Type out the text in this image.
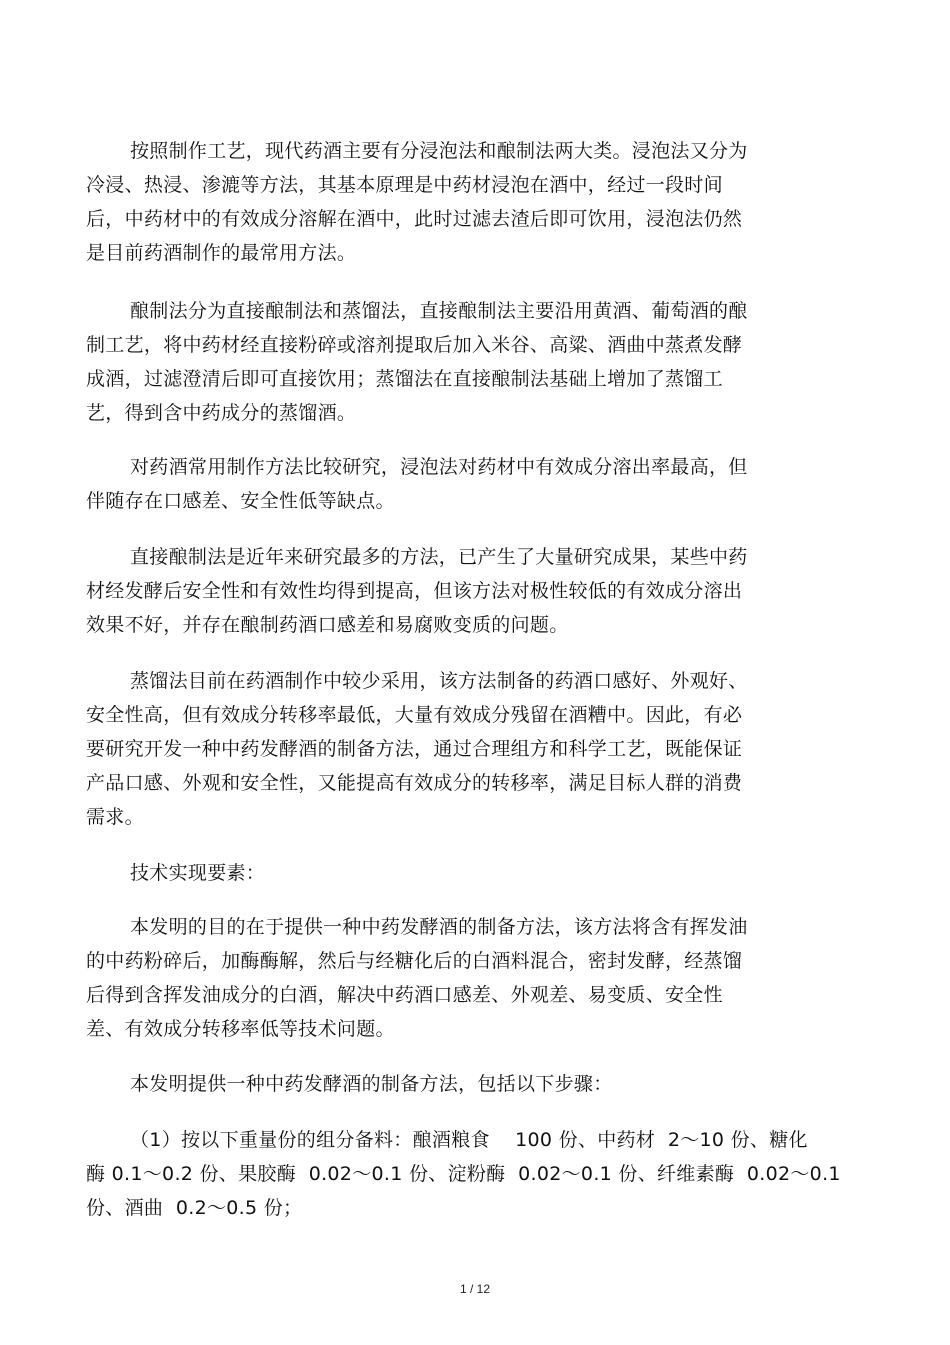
按照制作工艺，现代药酒主要有分浸泡法和酿制法两大类。浸泡法又分为
冷浸、热浸、渗漉等方法，其基本原理是中药材浸泡在酒中，经过一段时间
后，中药材中的有效成分溶解在酒中，此时过滤去渣后即可饮用，浸泡法仍然
是目前药酒制作的最常用方法。
酿制法分为直接酿制法和蒸馏法，直接酿制法主要沿用黄酒、葡萄酒的酿
制工艺，将中药材经直接粉碎或溶剂提取后加入米谷、高粱、酒曲中蒸煮发酵
成酒，过滤澄清后即可直接饮用；蒸馏法在直接酿制法基础上增加了蒸馏工
艺，得到含中药成分的蒸馏酒。
对药酒常用制作方法比较研究，浸泡法对药材中有效成分溶出率最高，但
伴随存在口感差、安全性低等缺点。
直接酿制法是近年来研究最多的方法，已产生了大量研究成果，某些中药
材经发酵后安全性和有效性均得到提高，但该方法对极性较低的有效成分溶出
效果不好，并存在酿制药酒口感差和易腐败变质的问题。
蒸馏法目前在药酒制作中较少采用，该方法制备的药酒口感好、外观好、
安全性高，但有效成分转移率最低，大量有效成分残留在酒糟中。因此，有必
要研究开发一种中药发酵酒的制备方法，通过合理组方和科学工艺，既能保证
产品口感、外观和安全性，又能提高有效成分的转移率，满足目标人群的消费
需求。
技术实现要素：
本发明的目的在于提供一种中药发酵酒的制备方法，该方法将含有挥发油
的中药粉碎后，加酶酶解，然后与经糖化后的白酒料混合，密封发酵，经蒸馏
后得到含挥发油成分的白酒，解决中药酒口感差、外观差、易变质、安全性
差、有效成分转移率低等技术问题。
本发明提供一种中药发酵酒的制备方法，包括以下步骤：
（1）按以下重量份的组分备料：酿酒粮食    100 份、中药材  2～10 份、糖化
酶 0.1～0.2 份、果胶酶  0.02～0.1 份、淀粉酶  0.02～0.1 份、纤维素酶  0.02～0.1
份、酒曲  0.2～0.5 份；
1 / 12
